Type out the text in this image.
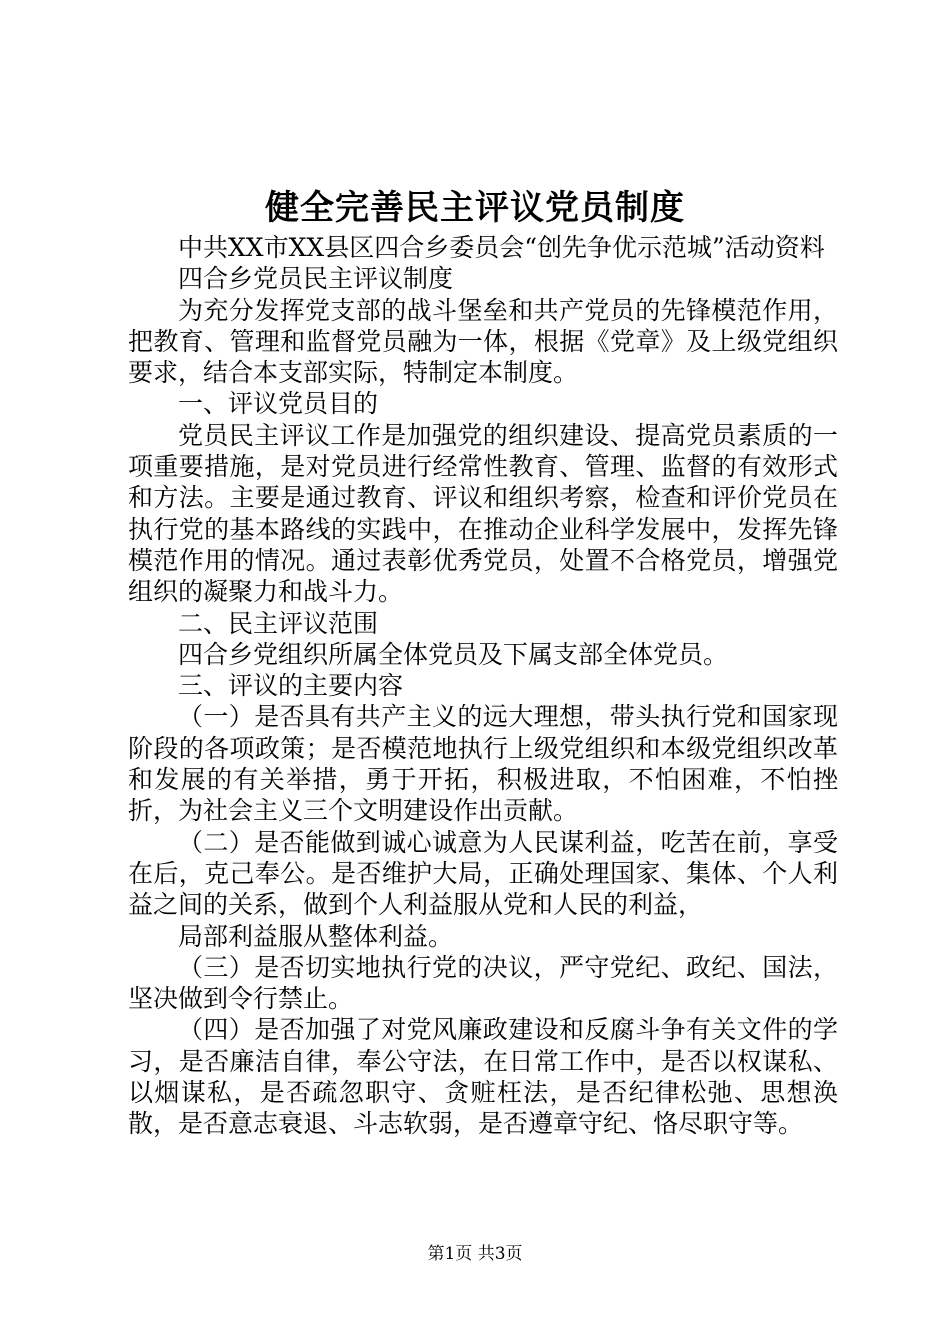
健全完善民主评议党员制度

中共XX市XX县区四合乡委员会“创先争优示范城”活动资料

四合乡党员民主评议制度

为充分发挥党支部的战斗堡垒和共产党员的先锋模范作用，把教育、管理和监督党员融为一体，根据《党章》及上级党组织要求，结合本支部实际，特制定本制度。

一、评议党员目的

党员民主评议工作是加强党的组织建设、提高党员素质的一项重要措施，是对党员进行经常性教育、管理、监督的有效形式和方法。主要是通过教育、评议和组织考察，检查和评价党员在执行党的基本路线的实践中，在推动企业科学发展中，发挥先锋模范作用的情况。通过表彰优秀党员，处置不合格党员，增强党组织的凝聚力和战斗力。

二、民主评议范围

四合乡党组织所属全体党员及下属支部全体党员。

三、评议的主要内容

（一）是否具有共产主义的远大理想，带头执行党和国家现阶段的各项政策；是否模范地执行上级党组织和本级党组织改革和发展的有关举措，勇于开拓，积极进取，不怕困难，不怕挫折，为社会主义三个文明建设作出贡献。

（二）是否能做到诚心诚意为人民谋利益，吃苦在前，享受在后，克己奉公。是否维护大局，正确处理国家、集体、个人利益之间的关系，做到个人利益服从党和人民的利益，

局部利益服从整体利益。

（三）是否切实地执行党的决议，严守党纪、政纪、国法，坚决做到令行禁止。

（四）是否加强了对党风廉政建设和反腐斗争有关文件的学习，是否廉洁自律，奉公守法，在日常工作中，是否以权谋私、以烟谋私，是否疏忽职守、贪赃枉法，是否纪律松弛、思想涣散，是否意志衰退、斗志软弱，是否遵章守纪、恪尽职守等。

第1页 共3页
